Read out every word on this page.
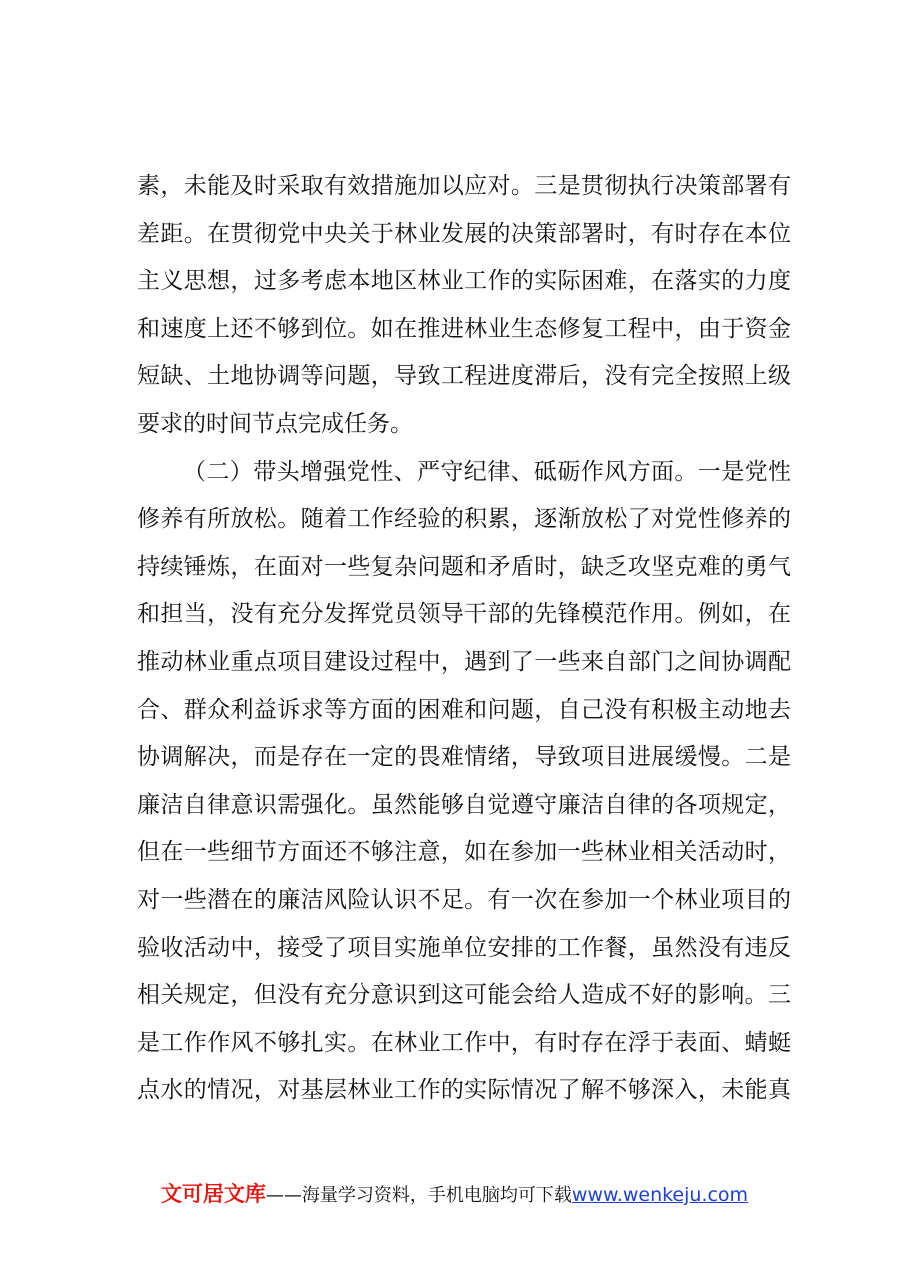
素，未能及时采取有效措施加以应对。三是贯彻执行决策部署有
差距。在贯彻党中央关于林业发展的决策部署时，有时存在本位
主义思想，过多考虑本地区林业工作的实际困难，在落实的力度
和速度上还不够到位。如在推进林业生态修复工程中，由于资金
短缺、土地协调等问题，导致工程进度滞后，没有完全按照上级
要求的时间节点完成任务。
（二）带头增强党性、严守纪律、砥砺作风方面。一是党性
修养有所放松。随着工作经验的积累，逐渐放松了对党性修养的
持续锤炼，在面对一些复杂问题和矛盾时，缺乏攻坚克难的勇气
和担当，没有充分发挥党员领导干部的先锋模范作用。例如，在
推动林业重点项目建设过程中，遇到了一些来自部门之间协调配
合、群众利益诉求等方面的困难和问题，自己没有积极主动地去
协调解决，而是存在一定的畏难情绪，导致项目进展缓慢。二是
廉洁自律意识需强化。虽然能够自觉遵守廉洁自律的各项规定，
但在一些细节方面还不够注意，如在参加一些林业相关活动时，
对一些潜在的廉洁风险认识不足。有一次在参加一个林业项目的
验收活动中，接受了项目实施单位安排的工作餐，虽然没有违反
相关规定，但没有充分意识到这可能会给人造成不好的影响。三
是工作作风不够扎实。在林业工作中，有时存在浮于表面、蜻蜓
点水的情况，对基层林业工作的实际情况了解不够深入，未能真
文可居文库——海量学习资料，手机电脑均可下载www.wenkeju.com
